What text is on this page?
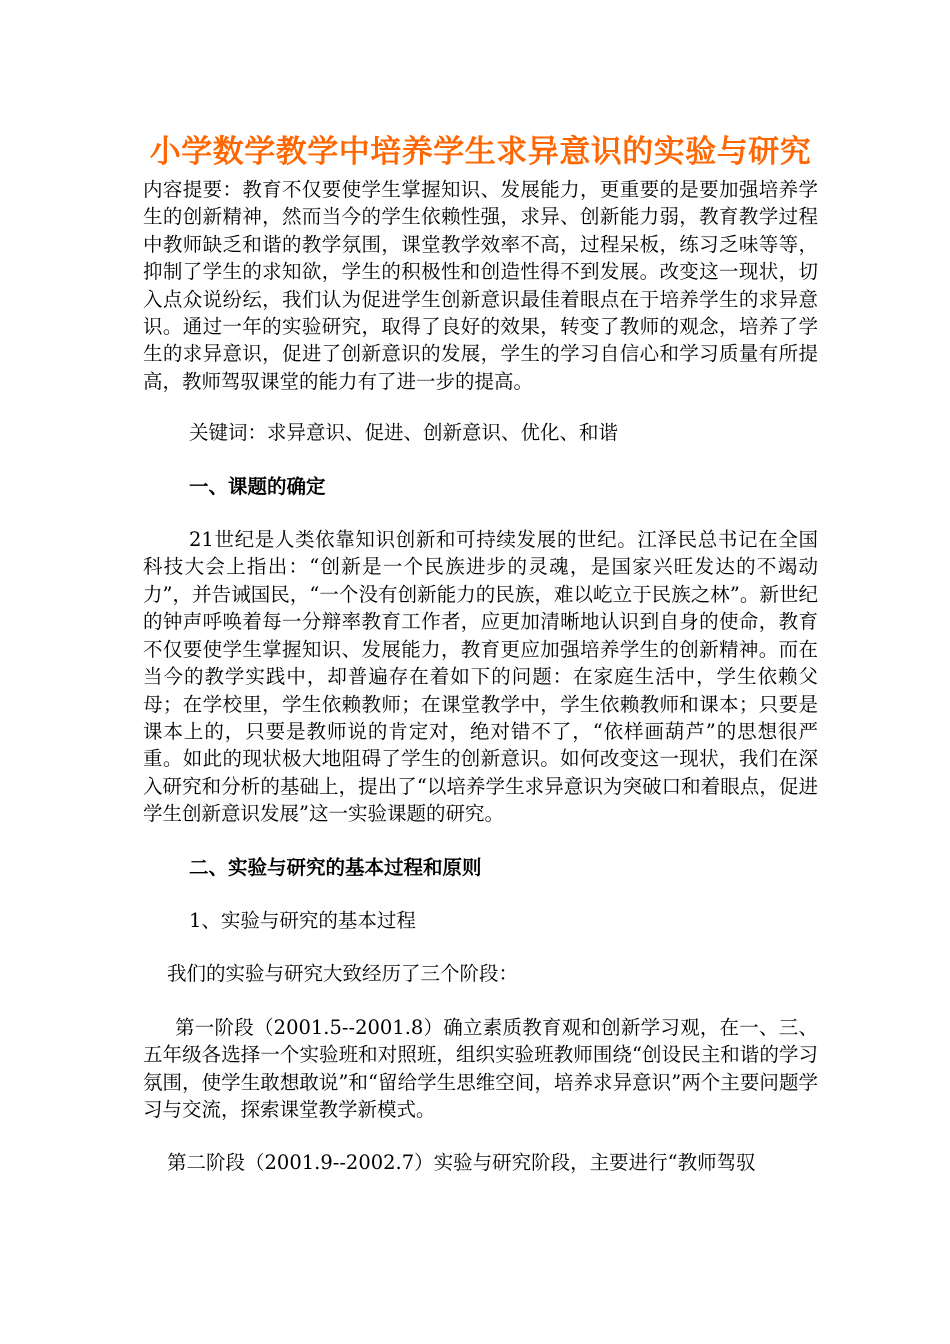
小学数学教学中培养学生求异意识的实验与研究

内容提要：教育不仅要使学生掌握知识、发展能力，更重要的是要加强培养学生的创新精神，然而当今的学生依赖性强，求异、创新能力弱，教育教学过程中教师缺乏和谐的教学氛围，课堂教学效率不高，过程呆板，练习乏味等等，抑制了学生的求知欲，学生的积极性和创造性得不到发展。改变这一现状，切入点众说纷纭，我们认为促进学生创新意识最佳着眼点在于培养学生的求异意识。通过一年的实验研究，取得了良好的效果，转变了教师的观念，培养了学生的求异意识，促进了创新意识的发展，学生的学习自信心和学习质量有所提高，教师驾驭课堂的能力有了进一步的提高。

关键词：求异意识、促进、创新意识、优化、和谐

一、课题的确定

21世纪是人类依靠知识创新和可持续发展的世纪。江泽民总书记在全国科技大会上指出：“创新是一个民族进步的灵魂，是国家兴旺发达的不竭动力”，并告诫国民，“一个没有创新能力的民族，难以屹立于民族之林”。新世纪的钟声呼唤着每一分辩率教育工作者，应更加清晰地认识到自身的使命，教育不仅要使学生掌握知识、发展能力，教育更应加强培养学生的创新精神。而在当今的教学实践中，却普遍存在着如下的问题：在家庭生活中，学生依赖父母；在学校里，学生依赖教师；在课堂教学中，学生依赖教师和课本；只要是课本上的，只要是教师说的肯定对，绝对错不了，“依样画葫芦”的思想很严重。如此的现状极大地阻碍了学生的创新意识。如何改变这一现状，我们在深入研究和分析的基础上，提出了“以培养学生求异意识为突破口和着眼点，促进学生创新意识发展”这一实验课题的研究。

二、实验与研究的基本过程和原则

1、实验与研究的基本过程

我们的实验与研究大致经历了三个阶段：

第一阶段（2001.5--2001.8）确立素质教育观和创新学习观，在一、三、五年级各选择一个实验班和对照班，组织实验班教师围绕“创设民主和谐的学习氛围，使学生敢想敢说”和“留给学生思维空间，培养求异意识”两个主要问题学习与交流，探索课堂教学新模式。

第二阶段（2001.9--2002.7）实验与研究阶段，主要进行“教师驾驭
